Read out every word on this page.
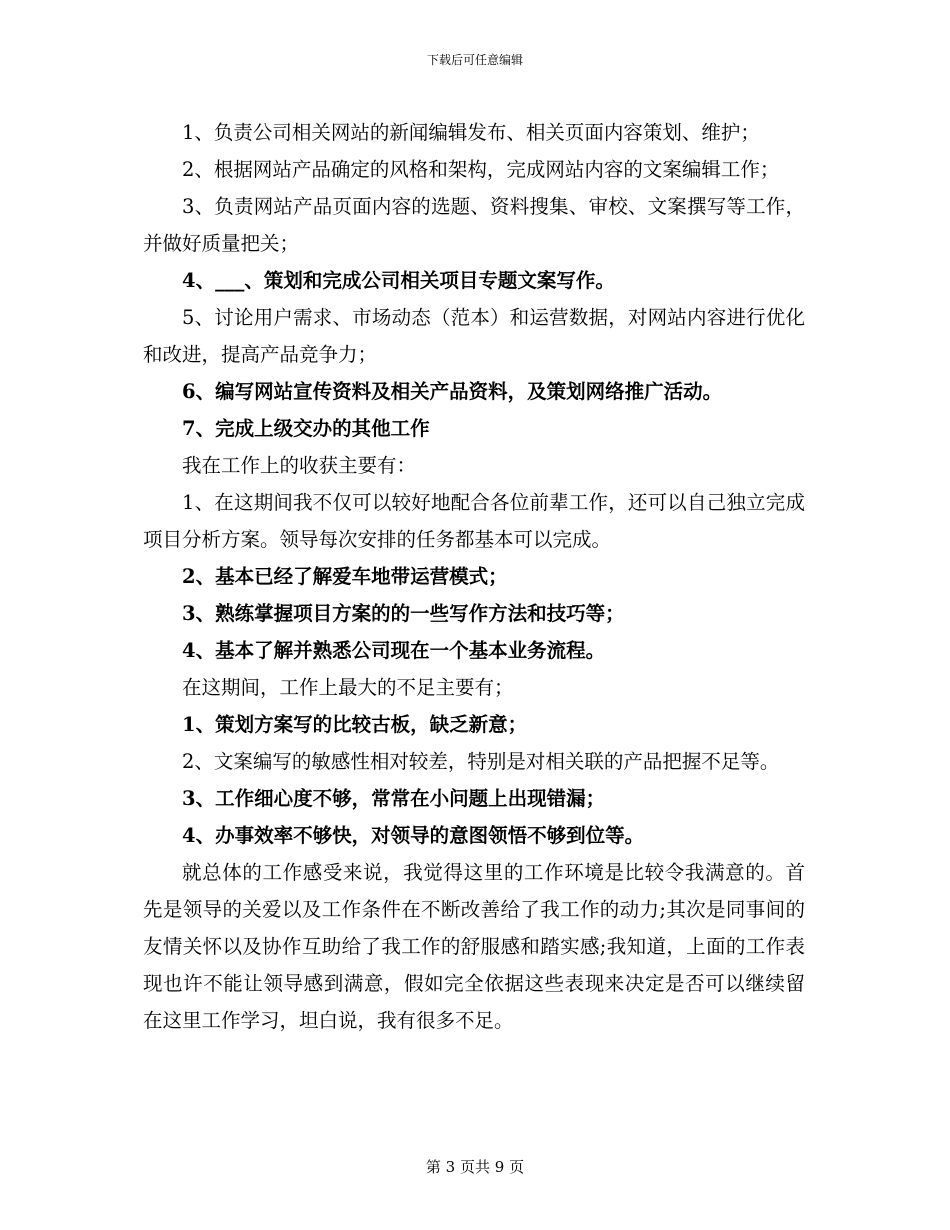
下载后可任意编辑

1、负责公司相关网站的新闻编辑发布、相关页面内容策划、维护；

2、根据网站产品确定的风格和架构，完成网站内容的文案编辑工作；

3、负责网站产品页面内容的选题、资料搜集、审校、文案撰写等工作，并做好质量把关；

4、___、策划和完成公司相关项目专题文案写作。

5、讨论用户需求、市场动态（范本）和运营数据，对网站内容进行优化和改进，提高产品竞争力；

6、编写网站宣传资料及相关产品资料，及策划网络推广活动。

7、完成上级交办的其他工作

我在工作上的收获主要有：

1、在这期间我不仅可以较好地配合各位前辈工作，还可以自己独立完成项目分析方案。领导每次安排的任务都基本可以完成。

2、基本已经了解爱车地带运营模式；

3、熟练掌握项目方案的的一些写作方法和技巧等；

4、基本了解并熟悉公司现在一个基本业务流程。

在这期间，工作上最大的不足主要有；

1、策划方案写的比较古板，缺乏新意；

2、文案编写的敏感性相对较差，特别是对相关联的产品把握不足等。

3、工作细心度不够，常常在小问题上出现错漏；

4、办事效率不够快，对领导的意图领悟不够到位等。

就总体的工作感受来说，我觉得这里的工作环境是比较令我满意的。首先是领导的关爱以及工作条件在不断改善给了我工作的动力;其次是同事间的友情关怀以及协作互助给了我工作的舒服感和踏实感;我知道，上面的工作表现也许不能让领导感到满意，假如完全依据这些表现来决定是否可以继续留在这里工作学习，坦白说，我有很多不足。

第 3 页共 9 页
